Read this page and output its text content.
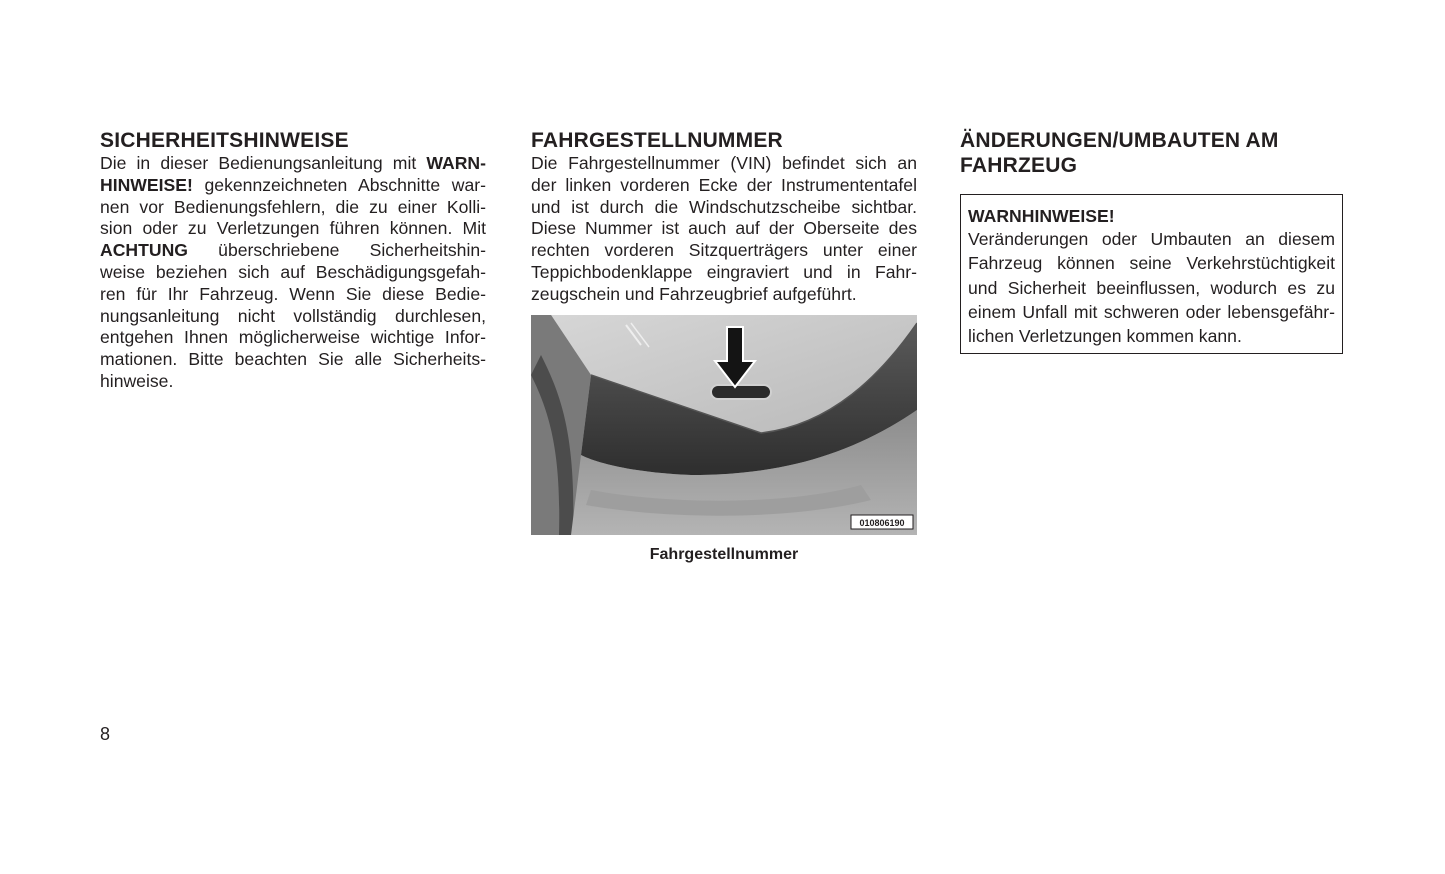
SICHERHEITSHINWEISE
Die in dieser Bedienungsanleitung mit WARN-
HINWEISE! gekennzeichneten Abschnitte war-
nen vor Bedienungsfehlern, die zu einer Kolli-
sion oder zu Verletzungen führen können. Mit
ACHTUNG überschriebene Sicherheitshin-
weise beziehen sich auf Beschädigungsgefah-
ren für Ihr Fahrzeug. Wenn Sie diese Bedie-
nungsanleitung nicht vollständig durchlesen,
entgehen Ihnen möglicherweise wichtige Infor-
mationen. Bitte beachten Sie alle Sicherheits-
hinweise.
FAHRGESTELLNUMMER
Die Fahrgestellnummer (VIN) befindet sich an
der linken vorderen Ecke der Instrumententafel
und ist durch die Windschutzscheibe sichtbar.
Diese Nummer ist auch auf der Oberseite des
rechten vorderen Sitzquerträgers unter einer
Teppichbodenklappe eingraviert und in Fahr-
zeugschein und Fahrzeugbrief aufgeführt.
010806190
Fahrgestellnummer
ÄNDERUNGEN/UMBAUTEN AM
FAHRZEUG

WARNHINWEISE!

Veränderungen oder Umbauten an diesem
Fahrzeug können seine Verkehrstüchtigkeit
und Sicherheit beeinflussen, wodurch es zu
einem Unfall mit schweren oder lebensgefähr-
lichen Verletzungen kommen kann.
8
